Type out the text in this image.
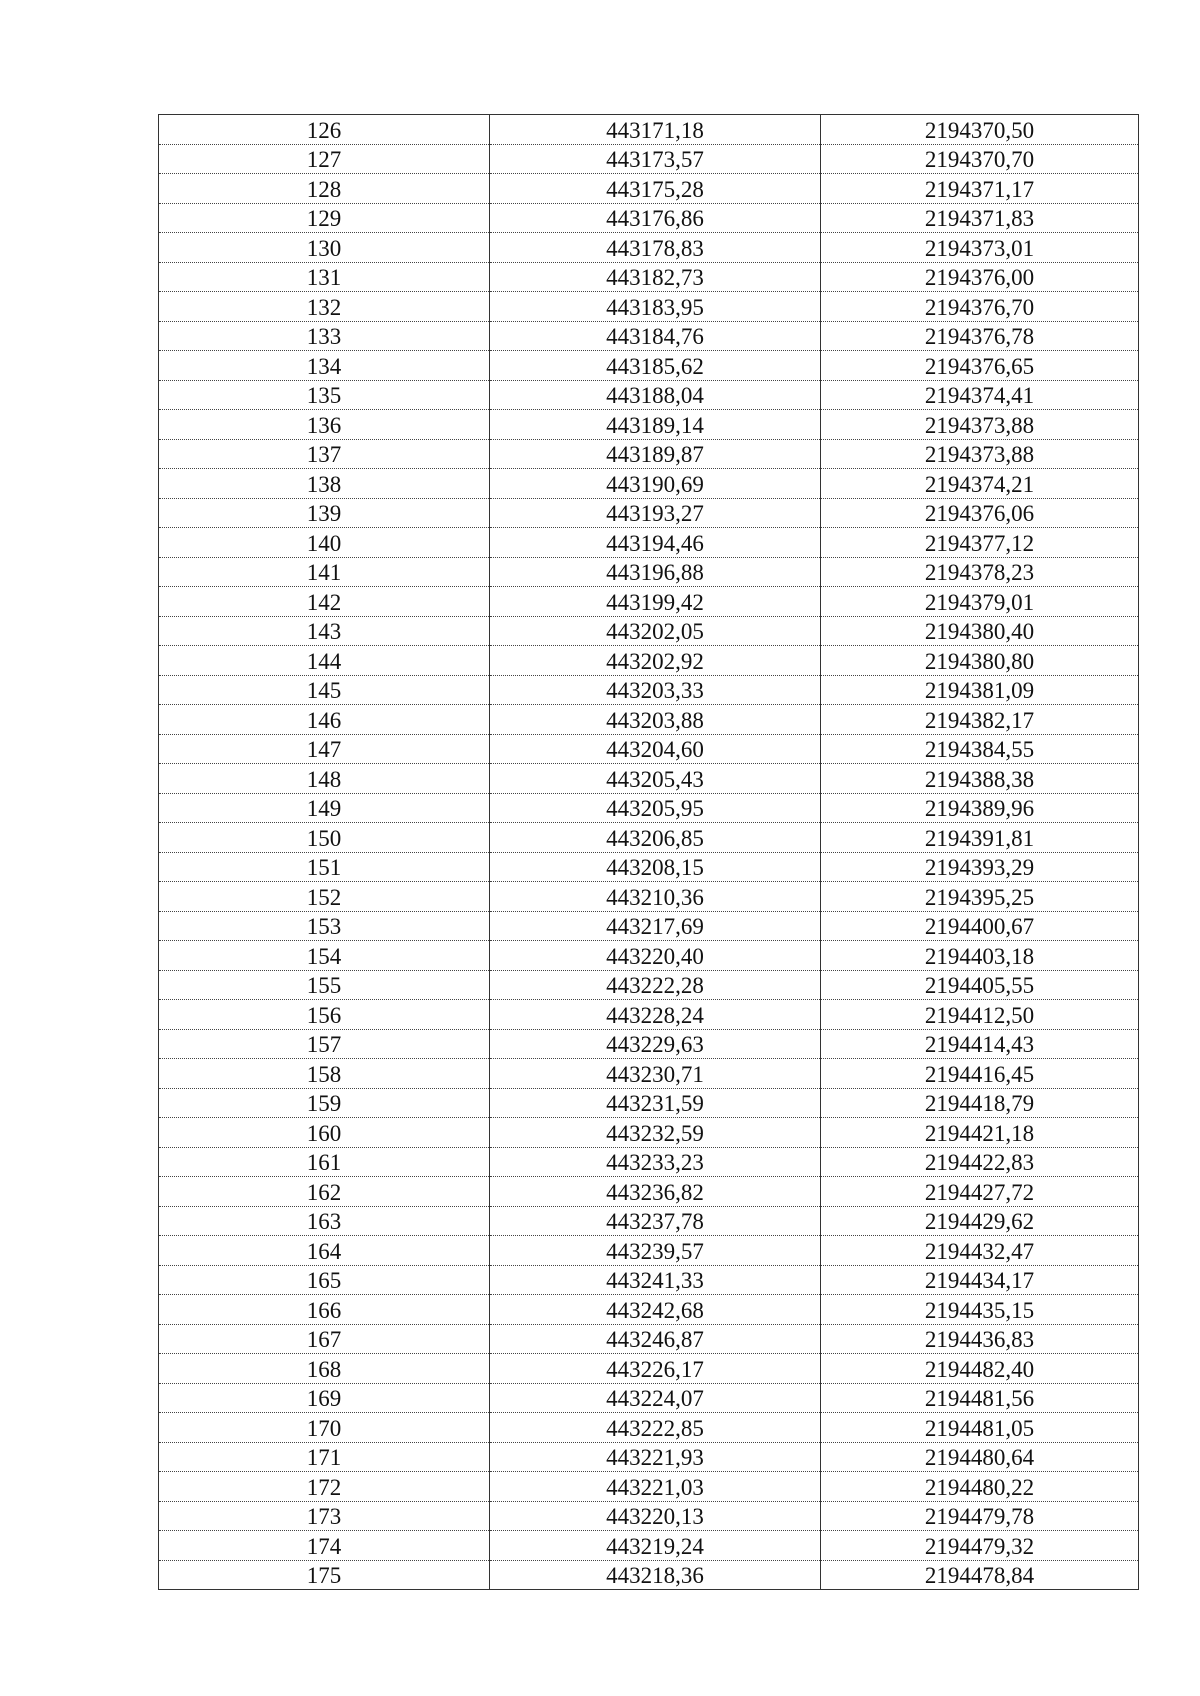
126	443171,18	2194370,50
127	443173,57	2194370,70
128	443175,28	2194371,17
129	443176,86	2194371,83
130	443178,83	2194373,01
131	443182,73	2194376,00
132	443183,95	2194376,70
133	443184,76	2194376,78
134	443185,62	2194376,65
135	443188,04	2194374,41
136	443189,14	2194373,88
137	443189,87	2194373,88
138	443190,69	2194374,21
139	443193,27	2194376,06
140	443194,46	2194377,12
141	443196,88	2194378,23
142	443199,42	2194379,01
143	443202,05	2194380,40
144	443202,92	2194380,80
145	443203,33	2194381,09
146	443203,88	2194382,17
147	443204,60	2194384,55
148	443205,43	2194388,38
149	443205,95	2194389,96
150	443206,85	2194391,81
151	443208,15	2194393,29
152	443210,36	2194395,25
153	443217,69	2194400,67
154	443220,40	2194403,18
155	443222,28	2194405,55
156	443228,24	2194412,50
157	443229,63	2194414,43
158	443230,71	2194416,45
159	443231,59	2194418,79
160	443232,59	2194421,18
161	443233,23	2194422,83
162	443236,82	2194427,72
163	443237,78	2194429,62
164	443239,57	2194432,47
165	443241,33	2194434,17
166	443242,68	2194435,15
167	443246,87	2194436,83
168	443226,17	2194482,40
169	443224,07	2194481,56
170	443222,85	2194481,05
171	443221,93	2194480,64
172	443221,03	2194480,22
173	443220,13	2194479,78
174	443219,24	2194479,32
175	443218,36	2194478,84
